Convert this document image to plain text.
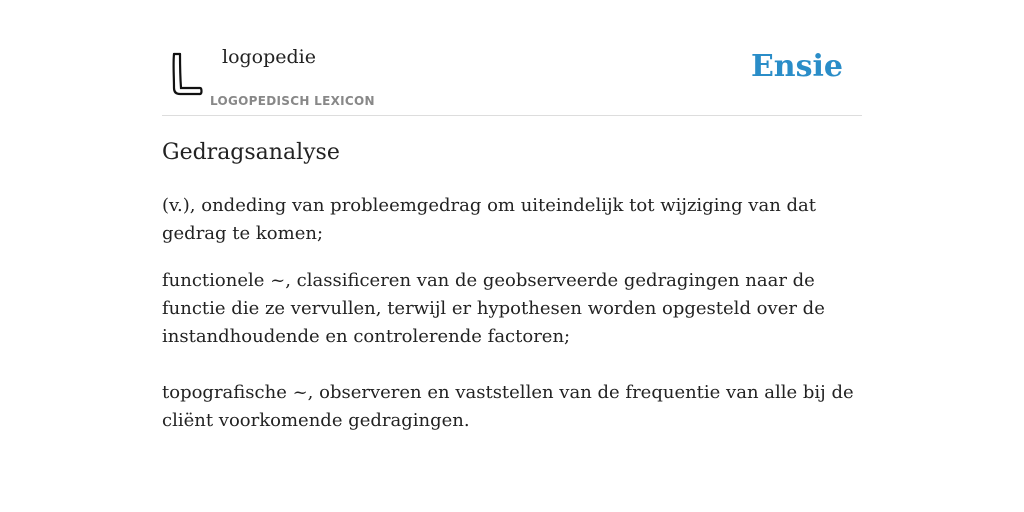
logopedie
LOGOPEDISCH LEXICON
Ensie
Gedragsanalyse

(v.), ondeding van probleemgedrag om uiteindelijk tot wijziging van dat gedrag te komen;

functionele ~, classificeren van de geobserveerde gedragingen naar de functie die ze vervullen, terwijl er hypothesen worden opgesteld over de instandhoudende en controlerende factoren;

topografische ~, observeren en vaststellen van de frequentie van alle bij de cliënt voorkomende gedragingen.
